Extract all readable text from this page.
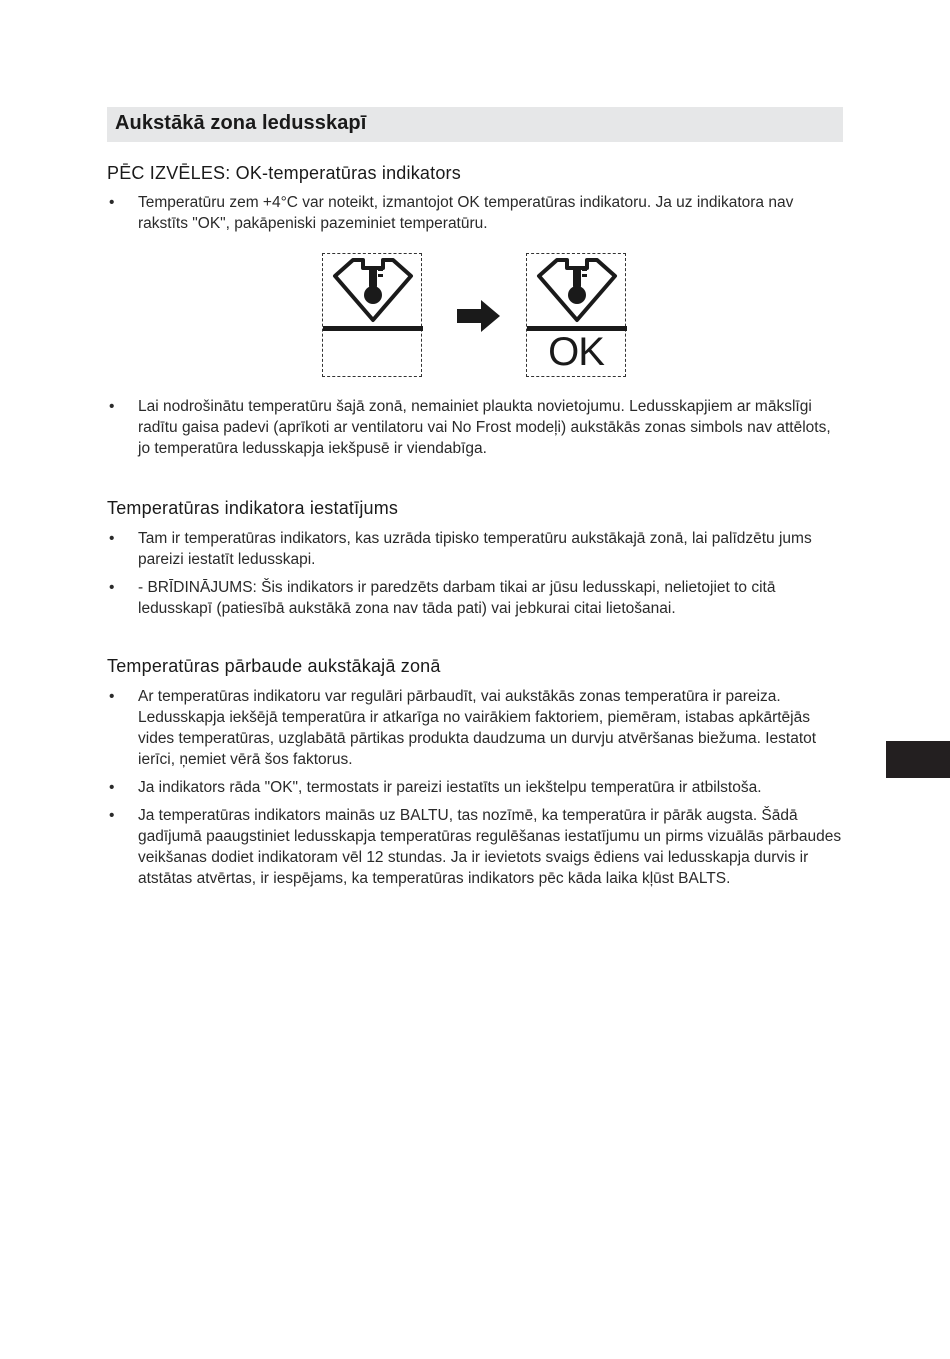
Aukstākā zona ledusskapī
PĒC IZVĒLES: OK-temperatūras indikators
• Temperatūru zem +4°C var noteikt, izmantojot OK temperatūras indikatoru. Ja uz indikatora nav rakstīts "OK", pakāpeniski pazeminiet temperatūru.
OK
• Lai nodrošinātu temperatūru šajā zonā, nemainiet plaukta novietojumu. Ledusskapjiem ar mākslīgi radītu gaisa padevi (aprīkoti ar ventilatoru vai No Frost modeļi) aukstākās zonas simbols nav attēlots, jo temperatūra ledusskapja iekšpusē ir viendabīga.
Temperatūras indikatora iestatījums
• Tam ir temperatūras indikators, kas uzrāda tipisko temperatūru aukstākajā zonā, lai palīdzētu jums pareizi iestatīt ledusskapi.
• - BRĪDINĀJUMS: Šis indikators ir paredzēts darbam tikai ar jūsu ledusskapi, nelietojiet to citā ledusskapī (patiesībā aukstākā zona nav tāda pati) vai jebkurai citai lietošanai.
Temperatūras pārbaude aukstākajā zonā
• Ar temperatūras indikatoru var regulāri pārbaudīt, vai aukstākās zonas temperatūra ir pareiza. Ledusskapja iekšējā temperatūra ir atkarīga no vairākiem faktoriem, piemēram, istabas apkārtējās vides temperatūras, uzglabātā pārtikas produkta daudzuma un durvju atvēršanas biežuma. Iestatot ierīci, ņemiet vērā šos faktorus.
• Ja indikators rāda "OK", termostats ir pareizi iestatīts un iekštelpu temperatūra ir atbilstoša.
• Ja temperatūras indikators mainās uz BALTU, tas nozīmē, ka temperatūra ir pārāk augsta. Šādā gadījumā paaugstiniet ledusskapja temperatūras regulēšanas iestatījumu un pirms vizuālās pārbaudes veikšanas dodiet indikatoram vēl 12 stundas. Ja ir ievietots svaigs ēdiens vai ledusskapja durvis ir atstātas atvērtas, ir iespējams, ka temperatūras indikators pēc kāda laika kļūst BALTS.
